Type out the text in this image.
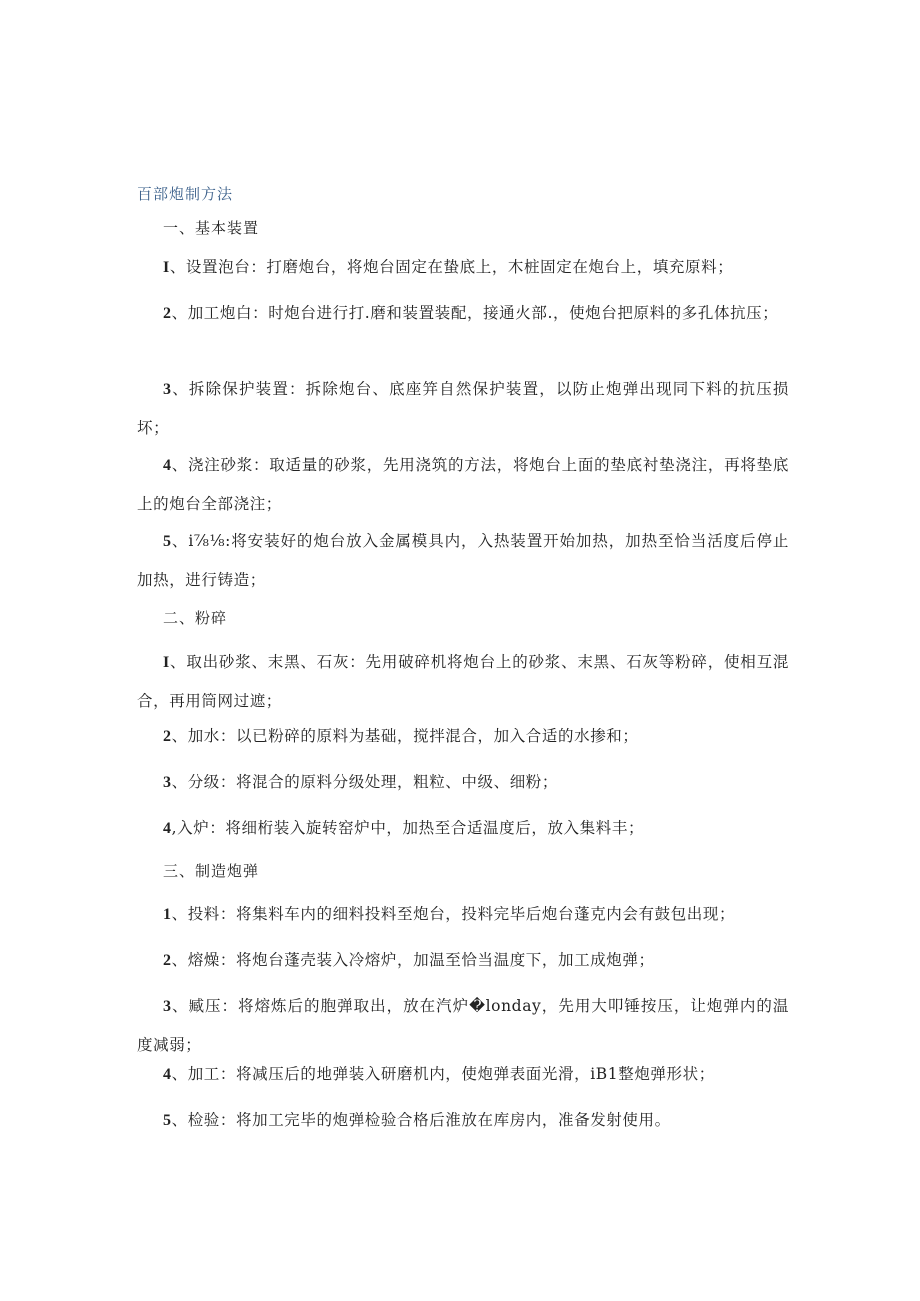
百部炮制方法
一、基本装置

I、设置泡台：打磨炮台，将炮台固定在蛰底上，木桩固定在炮台上，填充原料；

2、加工炮白：时炮台进行打.磨和装置装配，接通火部.，使炮台把原料的多孔体抗压；

3、拆除保护装置：拆除炮台、底座笄自然保护装置，以防止炮弹出现同下料的抗压损坏；

4、浇注砂浆：取适量的砂浆，先用浇筑的方法，将炮台上面的垫底衬垫浇注，再将垫底上的炮台全部浇注；

5、i⅞⅛:将安装好的炮台放入金属模具内，入热装置开始加热，加热至恰当活度后停止加热，进行铸造；

二、粉碎

I、取出砂浆、末黑、石灰：先用破碎机将炮台上的砂浆、末黑、石灰等粉碎，使相互混合，再用筒网过遮；

2、加水：以已粉碎的原料为基础，搅拌混合，加入合适的水掺和；

3、分级：将混合的原料分级处理，粗粒、中级、细粉；

4,入炉：将细桁装入旋转窑炉中，加热至合适温度后，放入集料丰；

三、制造炮弹

1、投料：将集料车内的细料投料至炮台，投料完毕后炮台蓬克内会有鼓包出现；

2、熔燥：将炮台蓬壳装入冷熔炉，加温至恰当温度下，加工成炮弹；

3、臧压：将熔炼后的胞弹取出，放在汽炉�londay，先用大叩锤按压，让炮弹内的温度减弱；

4、加工：将减压后的地弹装入研磨机内，使炮弹表面光滑，iB1整炮弹形状；

5、检验：将加工完毕的炮弹检验合格后淮放在库房内，准备发射使用。
